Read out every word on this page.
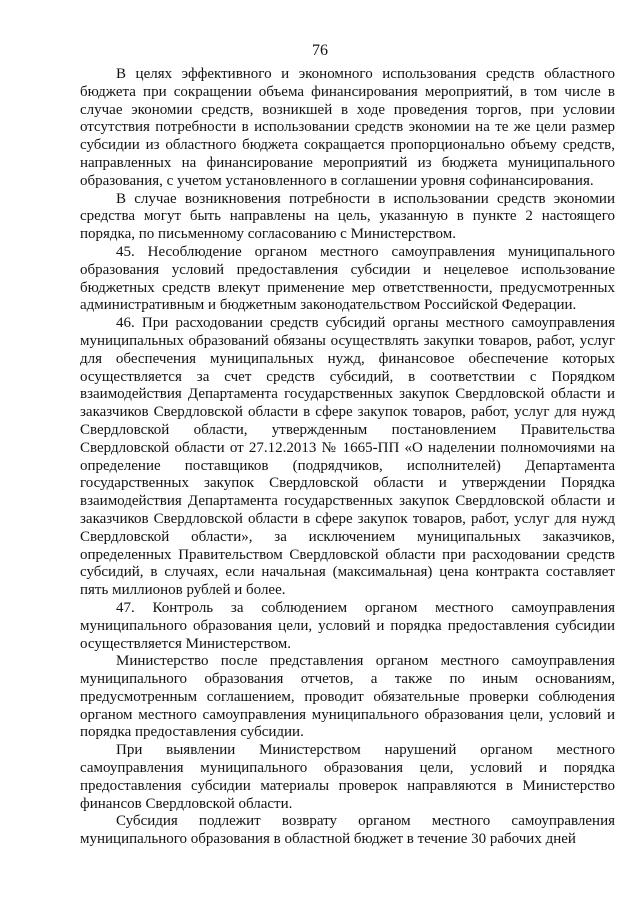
76

В целях эффективного и экономного использования средств областного бюджета при сокращении объема финансирования мероприятий, в том числе в случае экономии средств, возникшей в ходе проведения торгов, при условии отсутствия потребности в использовании средств экономии на те же цели размер субсидии из областного бюджета сокращается пропорционально объему средств, направленных на финансирование мероприятий из бюджета муниципального образования, с учетом установленного в соглашении уровня софинансирования.

В случае возникновения потребности в использовании средств экономии средства могут быть направлены на цель, указанную в пункте 2 настоящего порядка, по письменному согласованию с Министерством.

45. Несоблюдение органом местного самоуправления муниципального образования условий предоставления субсидии и нецелевое использование бюджетных средств влекут применение мер ответственности, предусмотренных административным и бюджетным законодательством Российской Федерации.

46. При расходовании средств субсидий органы местного самоуправления муниципальных образований обязаны осуществлять закупки товаров, работ, услуг для обеспечения муниципальных нужд, финансовое обеспечение которых осуществляется за счет средств субсидий, в соответствии с Порядком взаимодействия Департамента государственных закупок Свердловской области и заказчиков Свердловской области в сфере закупок товаров, работ, услуг для нужд Свердловской области, утвержденным постановлением Правительства Свердловской области от 27.12.2013 № 1665-ПП «О наделении полномочиями на определение поставщиков (подрядчиков, исполнителей) Департамента государственных закупок Свердловской области и утверждении Порядка взаимодействия Департамента государственных закупок Свердловской области и заказчиков Свердловской области в сфере закупок товаров, работ, услуг для нужд Свердловской области», за исключением муниципальных заказчиков, определенных Правительством Свердловской области при расходовании средств субсидий, в случаях, если начальная (максимальная) цена контракта составляет пять миллионов рублей и более.

47. Контроль за соблюдением органом местного самоуправления муниципального образования цели, условий и порядка предоставления субсидии осуществляется Министерством.

Министерство после представления органом местного самоуправления муниципального образования отчетов, а также по иным основаниям, предусмотренным соглашением, проводит обязательные проверки соблюдения органом местного самоуправления муниципального образования цели, условий и порядка предоставления субсидии.

При выявлении Министерством нарушений органом местного самоуправления муниципального образования цели, условий и порядка предоставления субсидии материалы проверок направляются в Министерство финансов Свердловской области.

Субсидия подлежит возврату органом местного самоуправления муниципального образования в областной бюджет в течение 30 рабочих дней
